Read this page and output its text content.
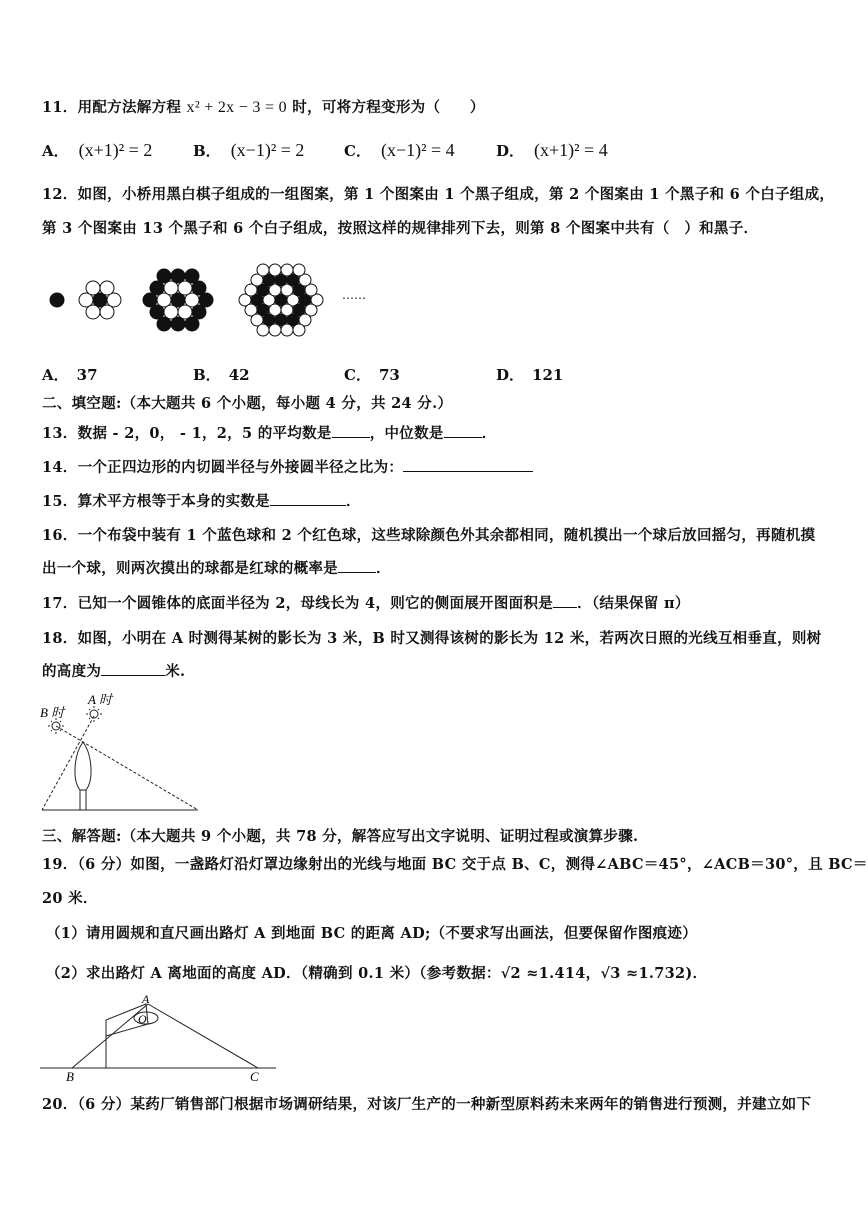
11．用配方法解方程 x² + 2x − 3 = 0 时，可将方程变形为（　　）
A． (x+1)² = 2	B． (x−1)² = 2	C． (x−1)² = 4	D． (x+1)² = 4
12．如图，小桥用黑白棋子组成的一组图案，第 1 个图案由 1 个黑子组成，第 2 个图案由 1 个黑子和 6 个白子组成，
第 3 个图案由 13 个黑子和 6 个白子组成，按照这样的规律排列下去，则第 8 个图案中共有（　）和黑子．
……
A． 37	B． 42	C． 73	D． 121
二、填空题:（本大题共 6 个小题，每小题 4 分，共 24 分.）
13．数据 - 2，0， - 1，2，5 的平均数是	，中位数是	．
14．一个正四边形的内切圆半径与外接圆半径之比为：
15．算术平方根等于本身的实数是	．
16．一个布袋中装有 1 个蓝色球和 2 个红色球，这些球除颜色外其余都相同，随机摸出一个球后放回摇匀，再随机摸
出一个球，则两次摸出的球都是红球的概率是	．
17．已知一个圆锥体的底面半径为 2，母线长为 4，则它的侧面展开图面积是 ．（结果保留 π）
18．如图，小明在 A 时测得某树的影长为 3 米，B 时又测得该树的影长为 12 米，若两次日照的光线互相垂直，则树
的高度为	米.
B 时
A 时
三、解答题:（本大题共 9 个小题，共 78 分，解答应写出文字说明、证明过程或演算步骤.
19．（6 分）如图，一盏路灯沿灯罩边缘射出的光线与地面 BC 交于点 B、C，测得∠ABC＝45°，∠ACB＝30°，且 BC＝
20 米．
（1）请用圆规和直尺画出路灯 A 到地面 BC 的距离 AD;（不要求写出画法，但要保留作图痕迹）
（2）求出路灯 A 离地面的高度 AD．（精确到 0.1 米）（参考数据：√2 ≈1.414，√3 ≈1.732)．
A
O
B	C
20．（6 分）某药厂销售部门根据市场调研结果，对该厂生产的一种新型原料药未来两年的销售进行预测，并建立如下
